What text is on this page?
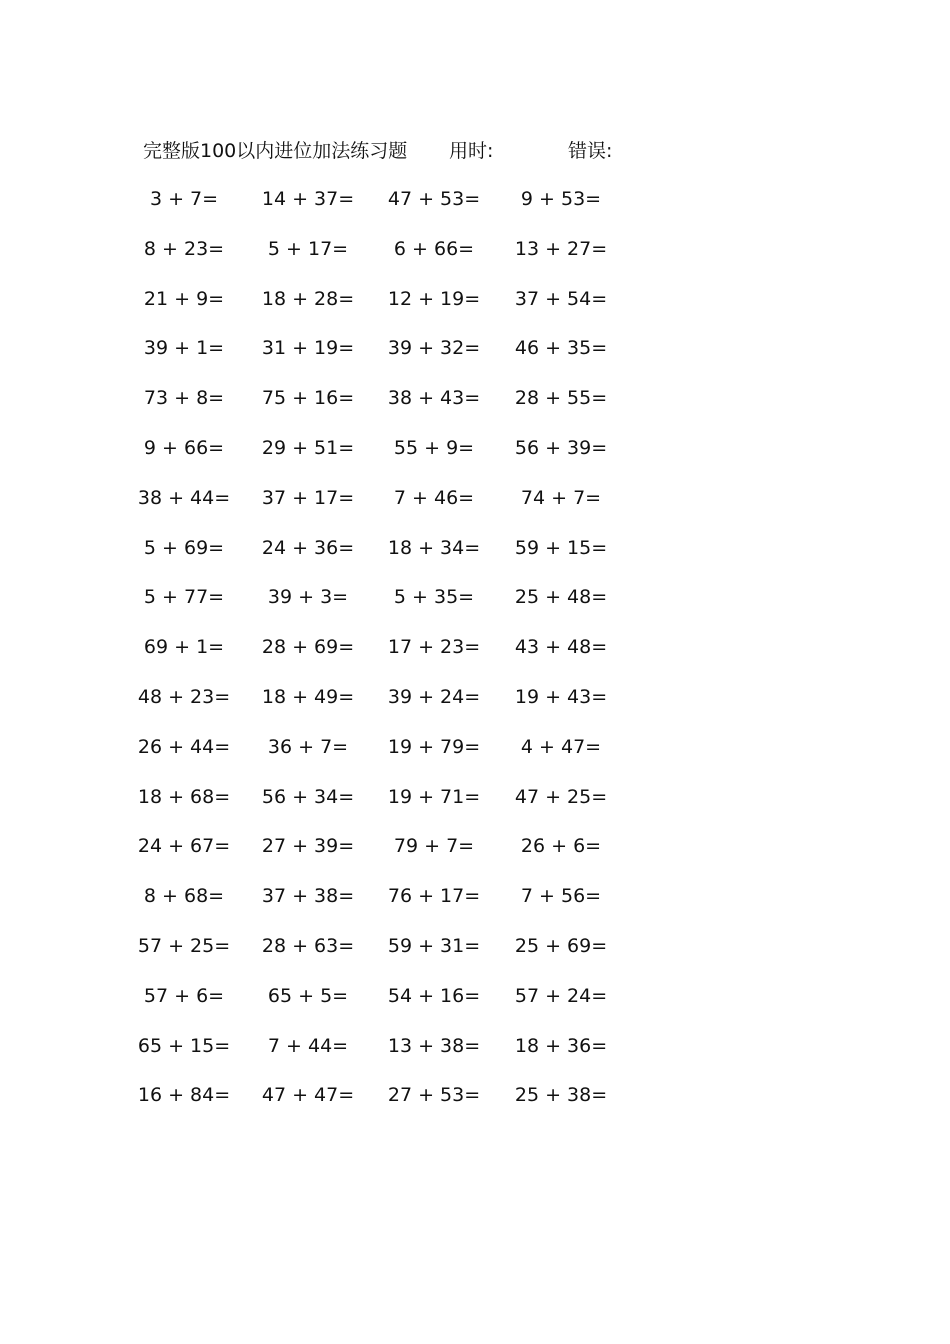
完整版100以内进位加法练习题 用时:	错误:
3 + 7= 14 + 37= 47 + 53= 9 + 53=
8 + 23= 5 + 17= 6 + 66= 13 + 27=
21 + 9= 18 + 28= 12 + 19= 37 + 54=
39 + 1= 31 + 19= 39 + 32= 46 + 35=
73 + 8= 75 + 16= 38 + 43= 28 + 55=
9 + 66= 29 + 51= 55 + 9= 56 + 39=
38 + 44= 37 + 17= 7 + 46= 74 + 7=
5 + 69= 24 + 36= 18 + 34= 59 + 15=
5 + 77= 39 + 3= 5 + 35= 25 + 48=
69 + 1= 28 + 69= 17 + 23= 43 + 48=
48 + 23= 18 + 49= 39 + 24= 19 + 43=
26 + 44= 36 + 7= 19 + 79= 4 + 47=
18 + 68= 56 + 34= 19 + 71= 47 + 25=
24 + 67= 27 + 39= 79 + 7= 26 + 6=
8 + 68= 37 + 38= 76 + 17= 7 + 56=
57 + 25= 28 + 63= 59 + 31= 25 + 69=
57 + 6= 65 + 5= 54 + 16= 57 + 24=
65 + 15= 7 + 44= 13 + 38= 18 + 36=
16 + 84= 47 + 47= 27 + 53= 25 + 38=
